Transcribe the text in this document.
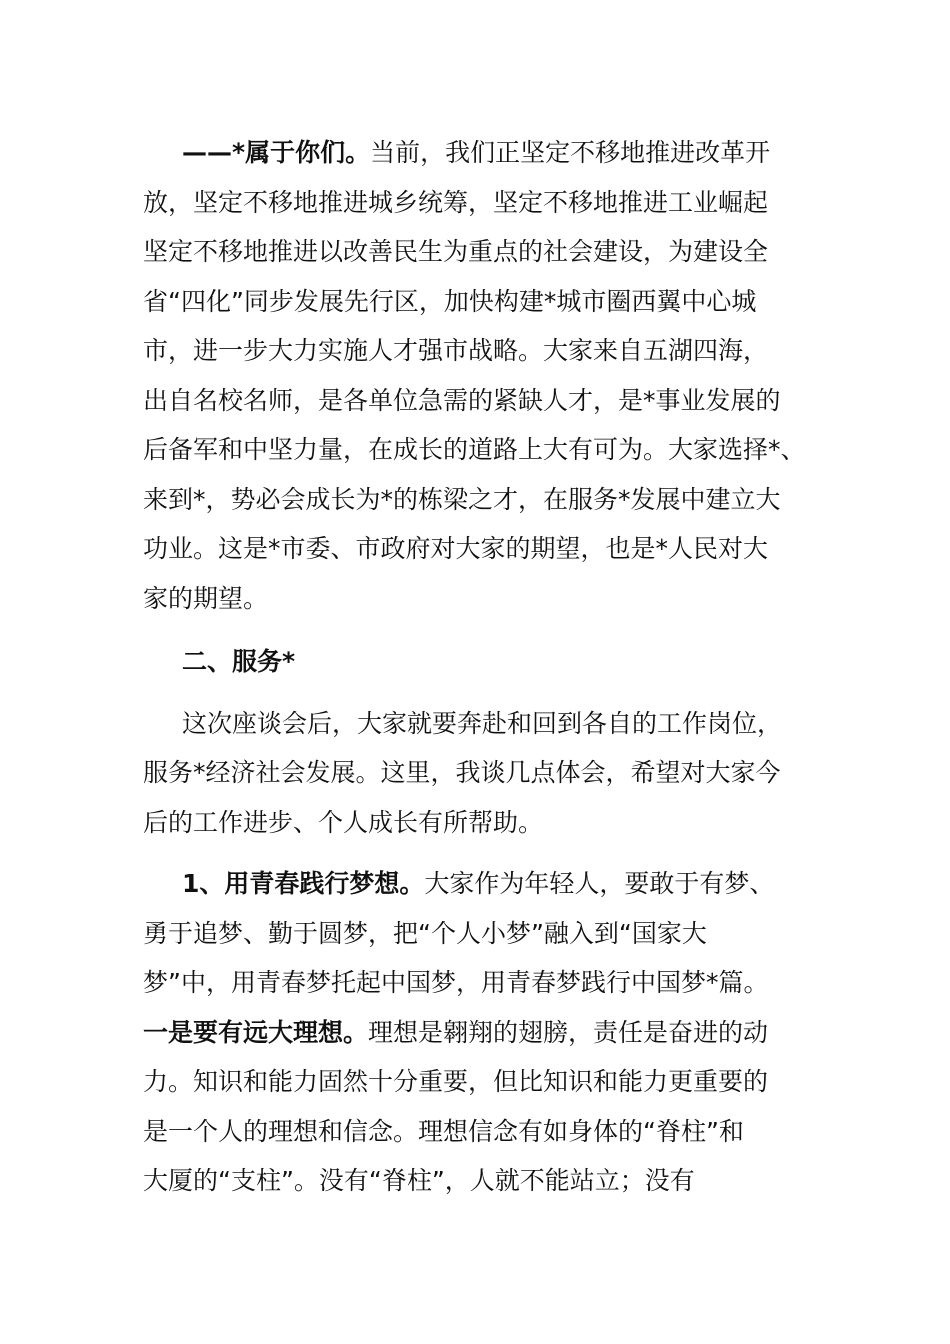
——*属于你们。当前，我们正坚定不移地推进改革开
放，坚定不移地推进城乡统筹，坚定不移地推进工业崛起
坚定不移地推进以改善民生为重点的社会建设，为建设全
省“四化”同步发展先行区，加快构建*城市圈西翼中心城
市，进一步大力实施人才强市战略。大家来自五湖四海，
出自名校名师，是各单位急需的紧缺人才，是*事业发展的
后备军和中坚力量，在成长的道路上大有可为。大家选择*、
来到*，势必会成长为*的栋梁之才，在服务*发展中建立大
功业。这是*市委、市政府对大家的期望，也是*人民对大
家的期望。

二、服务*

这次座谈会后，大家就要奔赴和回到各自的工作岗位，
服务*经济社会发展。这里，我谈几点体会，希望对大家今
后的工作进步、个人成长有所帮助。

1、用青春践行梦想。大家作为年轻人，要敢于有梦、
勇于追梦、勤于圆梦，把“个人小梦”融入到“国家大
梦”中，用青春梦托起中国梦，用青春梦践行中国梦*篇。
一是要有远大理想。理想是翱翔的翅膀，责任是奋进的动
力。知识和能力固然十分重要，但比知识和能力更重要的
是一个人的理想和信念。理想信念有如身体的“脊柱”和
大厦的“支柱”。没有“脊柱”，人就不能站立；没有
